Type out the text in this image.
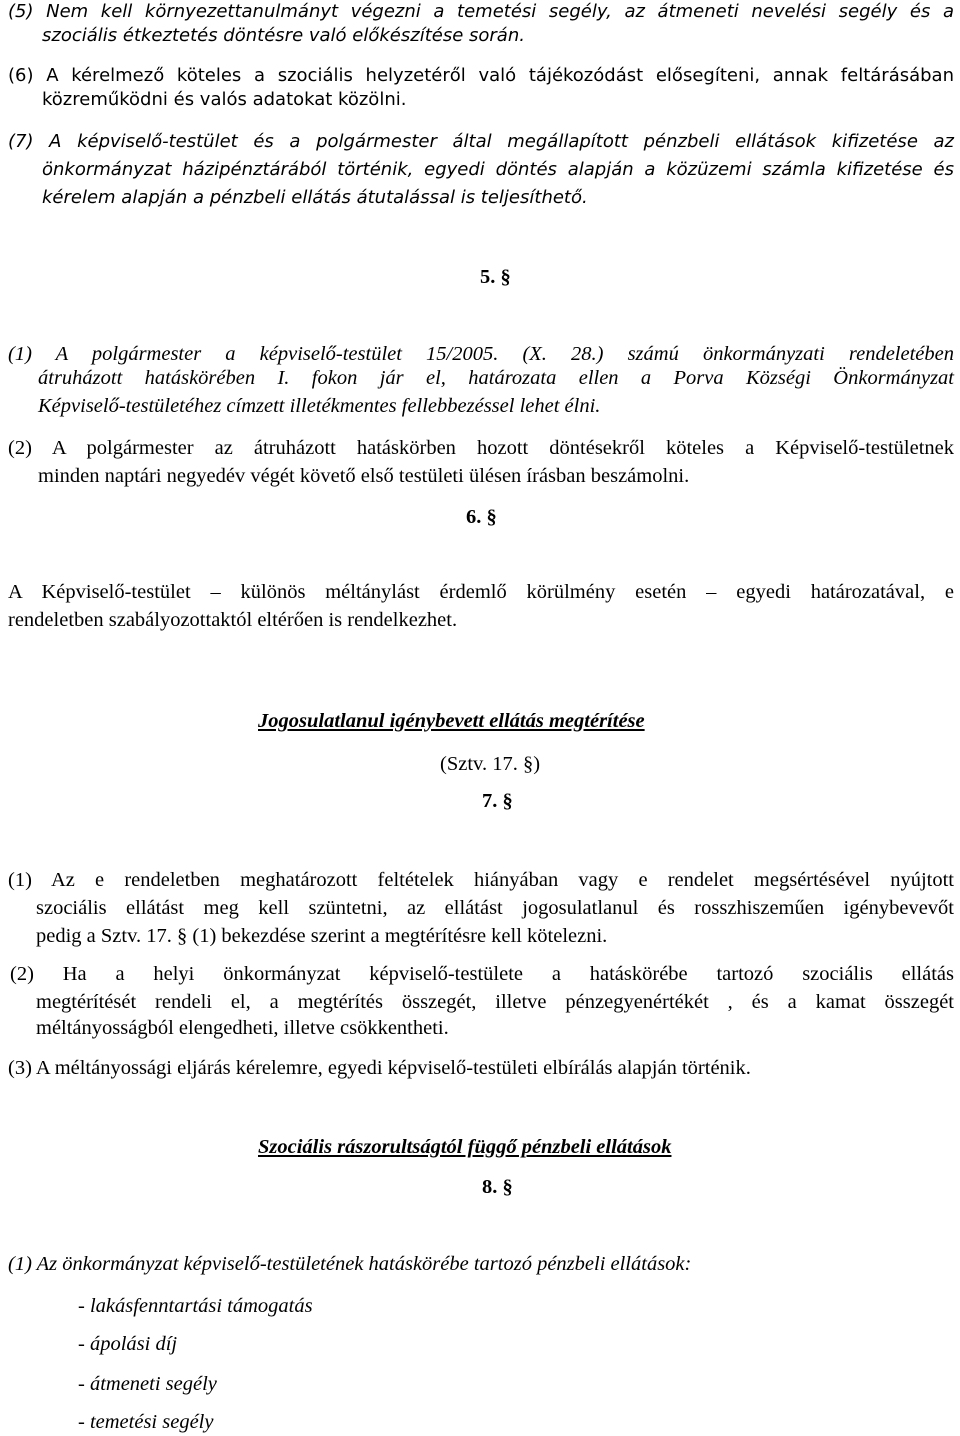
(5) Nem kell környezettanulmányt végezni a temetési segély, az átmeneti nevelési segély és a
szociális étkeztetés döntésre való előkészítése során.
(6) A kérelmező köteles a szociális helyzetéről való tájékozódást elősegíteni, annak feltárásában
közreműködni és valós adatokat közölni.
(7) A képviselő-testület és a polgármester által megállapított pénzbeli ellátások kifizetése az
önkormányzat házipénztárából történik, egyedi döntés alapján a közüzemi számla kifizetése és
kérelem alapján a pénzbeli ellátás átutalással is teljesíthető.
5. §
(1) A polgármester a képviselő-testület 15/2005. (X. 28.) számú önkormányzati rendeletében
átruházott hatáskörében I. fokon jár el, határozata ellen a Porva Községi Önkormányzat
Képviselő-testületéhez címzett illetékmentes fellebbezéssel lehet élni.
(2) A polgármester az átruházott hatáskörben hozott döntésekről köteles a Képviselő-testületnek
minden naptári negyedév végét követő első testületi ülésen írásban beszámolni.
6. §
A Képviselő-testület – különös méltánylást érdemlő körülmény esetén – egyedi határozatával, e
rendeletben szabályozottaktól eltérően is rendelkezhet.
Jogosulatlanul igénybevett ellátás megtérítése
(Sztv. 17. §)
7. §
(1) Az e rendeletben meghatározott feltételek hiányában vagy e rendelet megsértésével nyújtott
szociális ellátást meg kell szüntetni, az ellátást jogosulatlanul és rosszhiszeműen igénybevevőt
pedig a Sztv. 17. § (1) bekezdése szerint a megtérítésre kell kötelezni.
(2) Ha a helyi önkormányzat képviselő-testülete a hatáskörébe tartozó szociális ellátás
megtérítését rendeli el, a megtérítés összegét, illetve pénzegyenértékét , és a kamat összegét
méltányosságból elengedheti, illetve csökkentheti.
(3) A méltányossági eljárás kérelemre, egyedi képviselő-testületi elbírálás alapján történik.
Szociális rászorultságtól függő pénzbeli ellátások
8. §
(1) Az önkormányzat képviselő-testületének hatáskörébe tartozó pénzbeli ellátások:
- lakásfenntartási támogatás
- ápolási díj
- átmeneti segély
- temetési segély
